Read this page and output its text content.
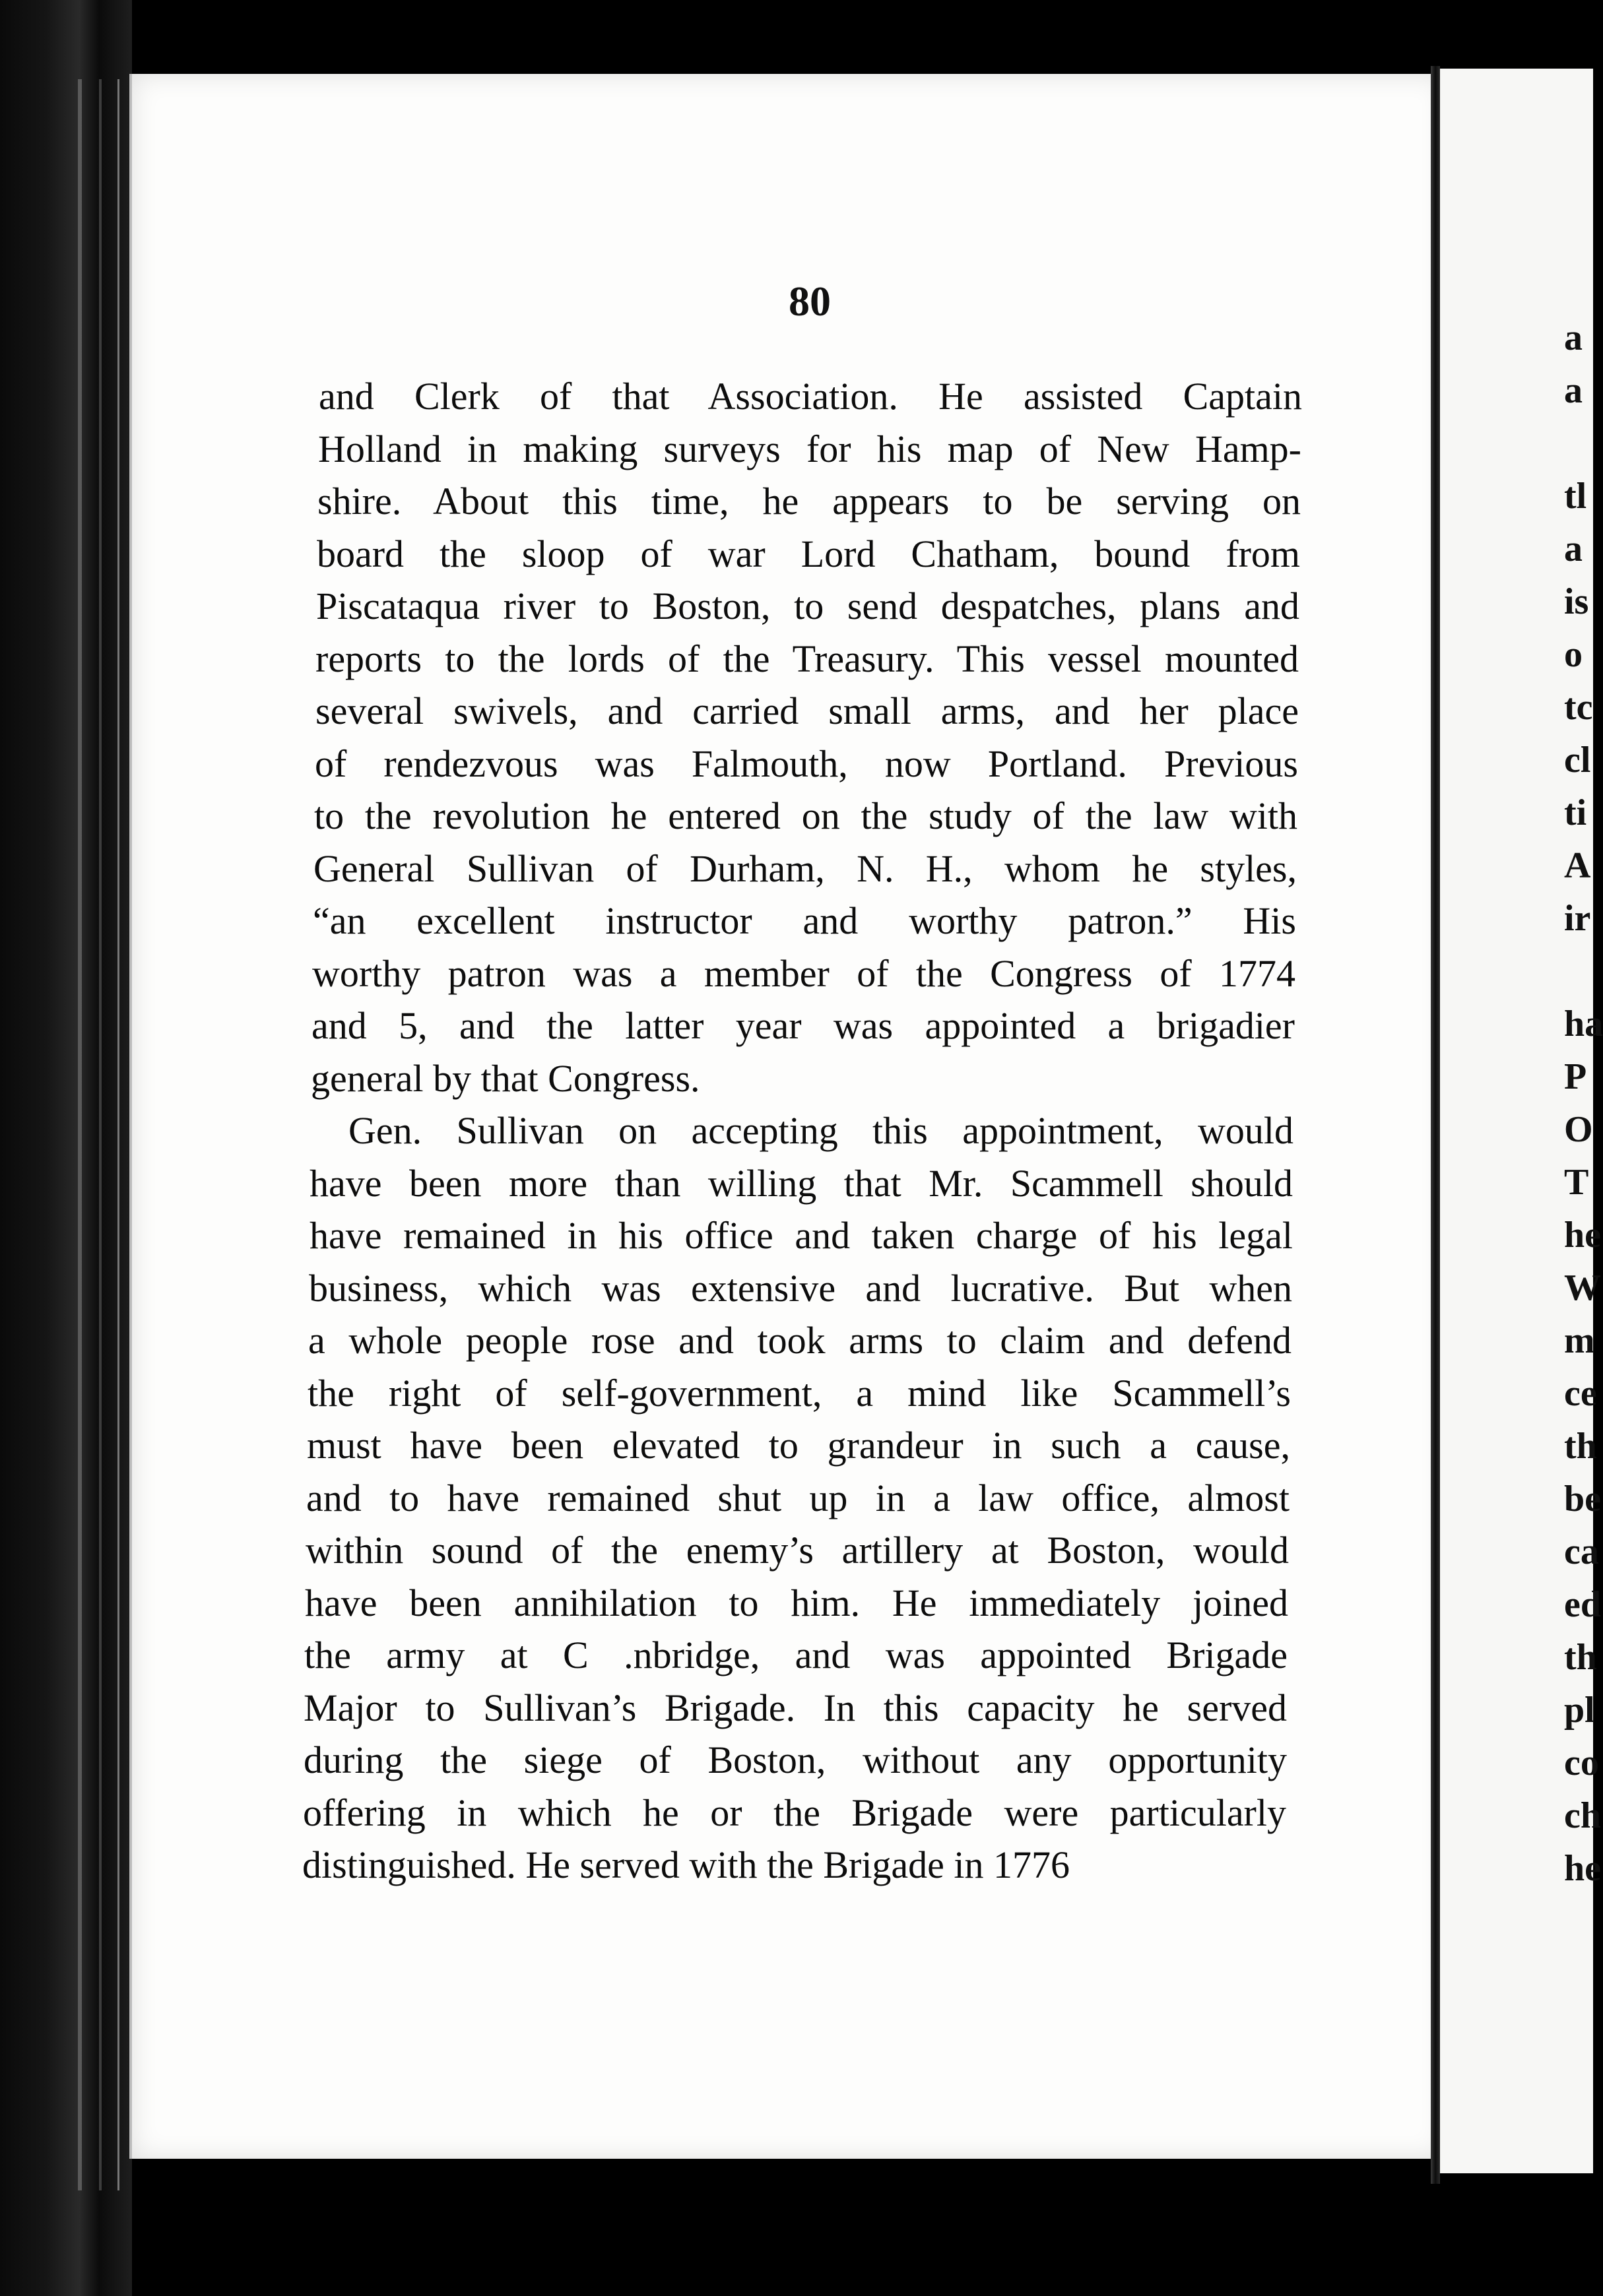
80
and Clerk of that Association. He assisted Captain
Holland in making surveys for his map of New Hamp-
shire. About this time, he appears to be serving on
board the sloop of war Lord Chatham, bound from
Piscataqua river to Boston, to send despatches, plans and
reports to the lords of the Treasury. This vessel mounted
several swivels, and carried small arms, and her place
of rendezvous was Falmouth, now Portland. Previous
to the revolution he entered on the study of the law with
General Sullivan of Durham, N. H., whom he styles,
“an excellent instructor and worthy patron.” His
worthy patron was a member of the Congress of 1774
and 5, and the latter year was appointed a brigadier
general by that Congress.
Gen. Sullivan on accepting this appointment, would
have been more than willing that Mr. Scammell should
have remained in his office and taken charge of his legal
business, which was extensive and lucrative. But when
a whole people rose and took arms to claim and defend
the right of self-government, a mind like Scammell’s
must have been elevated to grandeur in such a cause,
and to have remained shut up in a law office, almost
within sound of the enemy’s artillery at Boston, would
have been annihilation to him. He immediately joined
the army at C .nbridge, and was appointed Brigade
Major to Sullivan’s Brigade. In this capacity he served
during the siege of Boston, without any opportunity
offering in which he or the Brigade were particularly
distinguished. He served with the Brigade in 1776
a
a
tl
a
is
o
tc
cl
ti
A
ir
ha
P
O
T
he
W
m
ce
th
be
ca
ed
th
pl
co
ch
he
